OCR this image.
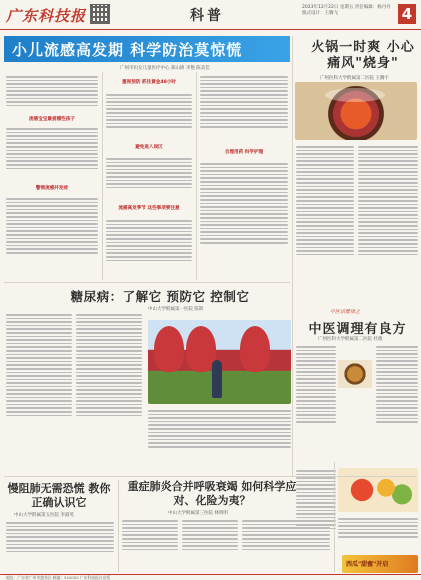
广东科技报	科普
2023年12月22日 星期五 责任编辑：杨丹丹 版式设计：王腾飞	4
小儿流感高发期 科学防治莫惊慌
广州市妇女儿童医疗中心 郑山锦 李艳 陈美佳
流感宝宝最爱哪些孩子
警惕流感并发症
重视预防 抓住黄金48小时
避免进入误区
流感高发季节 这些事项要注意
合理用药 科学护理
火锅一时爽 小心痛风"烧身"
广州医科大学附属第二医院 王腾宇
中医话健康之
中医调理有良方
广州医科大学附属第二医院 杜薇
糖尿病：了解它 预防它 控制它
中山大学附属第一医院 陈斯
慢阻肺无需恐慌 教你正确认识它
中山大学附属第五医院 李淑英
重症肺炎合并呼吸衰竭 如何科学应对、化险为夷？
中山大学附属第三医院 林明明
西瓜"甜蜜"开启
地址：广东省广州市越秀区 邮编：510000 广东科技报社出版
